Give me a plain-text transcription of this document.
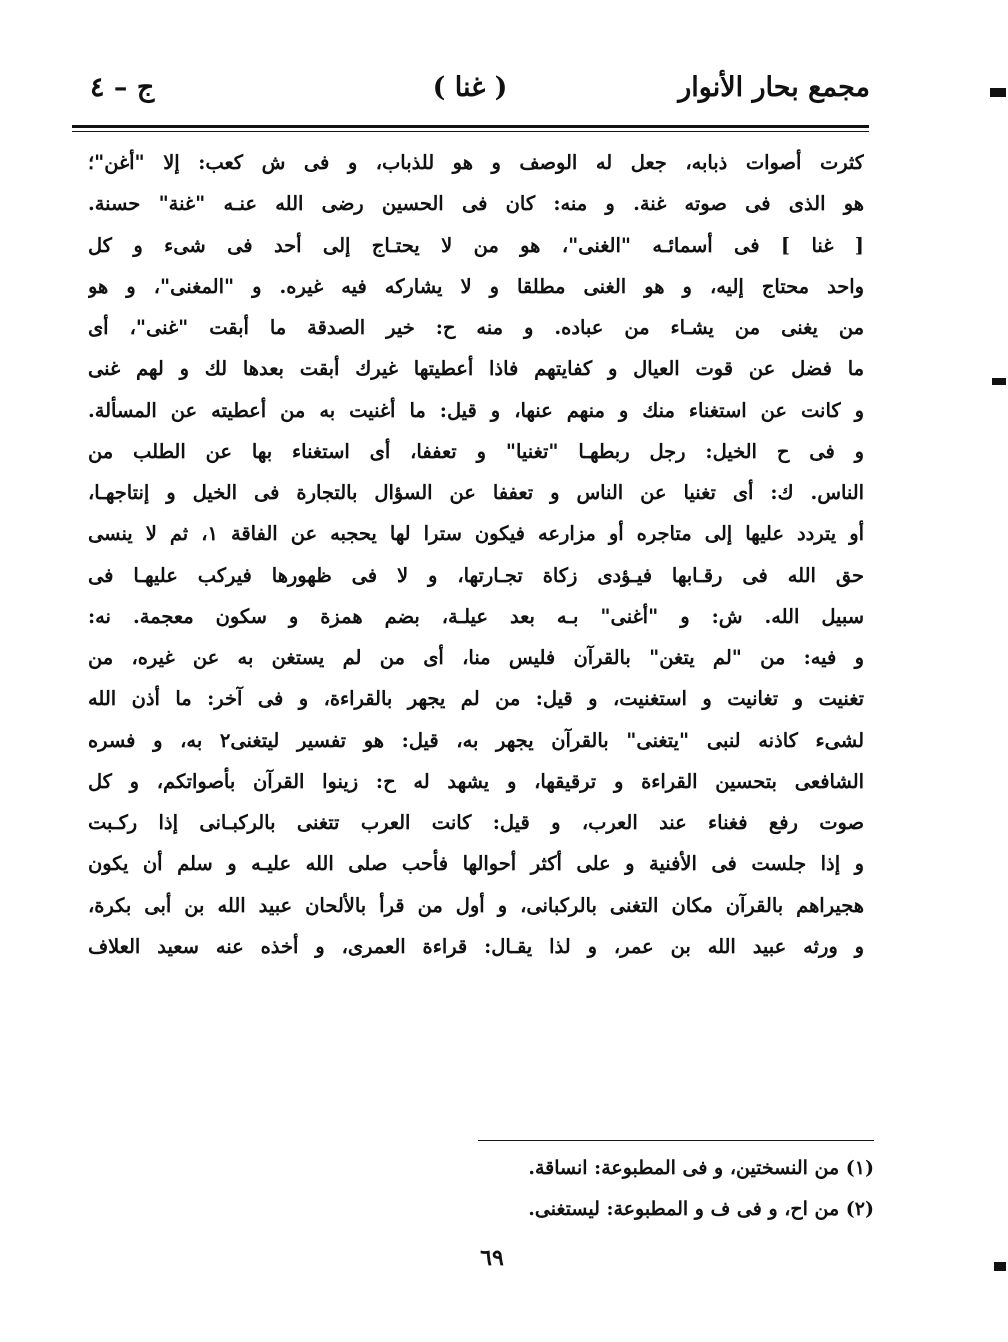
مجمع بحار الأنوار
( غنا )
ج – ٤
كثرت أصوات ذبابه، جعل له الوصف و هو للذباب، و فى ش كعب: إلا "أغن"؛
هو الذى فى صوته غنة. و منه: كان فى الحسين رضى الله عنـه "غنة" حسنة.
[ غنا ] فى أسمائـه "الغنى"، هو من لا يحتـاج إلى أحد فى شىء و كل
واحد محتاج إليه، و هو الغنى مطلقا و لا يشاركه فيه غيره. و "المغنى"، و هو
من يغنى من يشـاء من عباده. و منه ح: خير الصدقة ما أبقت "غنى"، أى
ما فضل عن قوت العيال و كفايتهم فاذا أعطيتها غيرك أبقت بعدها لك و لهم غنى
و كانت عن استغناء منك و منهم عنها، و قيل: ما أغنيت به من أعطيته عن المسألة.
و فى ح الخيل: رجل ربطهـا "تغنيا" و تعففا، أى استغناء بها عن الطلب من
الناس. ك: أى تغنيا عن الناس و تعففا عن السؤال بالتجارة فى الخيل و إنتاجهـا،
أو يتردد عليها إلى متاجره أو مزارعه فيكون سترا لها يحجبه عن الفاقة ١، ثم لا ينسى
حق الله فى رقـابها فيـؤدى زكاة تجـارتها، و لا فى ظهورها فيركب عليهـا فى
سبيل الله. ش: و "أغنى" بـه بعد عيلـة، بضم همزة و سكون معجمة. نه:
و فيه: من "لم يتغن" بالقرآن فليس منا، أى من لم يستغن به عن غيره، من
تغنيت و تغانيت و استغنيت، و قيل: من لم يجهر بالقراءة، و فى آخر: ما أذن الله
لشىء كاذنه لنبى "يتغنى" بالقرآن يجهر به، قيل: هو تفسير ليتغنى٢ به، و فسره
الشافعى بتحسين القراءة و ترقيقها، و يشهد له ح: زينوا القرآن بأصواتكم، و كل
صوت رفع فغناء عند العرب، و قيل: كانت العرب تتغنى بالركبـانى إذا ركـبت
و إذا جلست فى الأفنية و على أكثر أحوالها فأحب صلى الله عليـه و سلم أن يكون
هجيراهم بالقرآن مكان التغنى بالركبانى، و أول من قرأ بالألحان عبيد الله بن أبى بكرة،
و ورثه عبيد الله بن عمر، و لذا يقـال: قراءة العمرى، و أخذه عنه سعيد العلاف
(١) من النسختين، و فى المطبوعة: انساقة.
(٢) من اح، و فى ف و المطبوعة: ليستغنى.
٦٩
